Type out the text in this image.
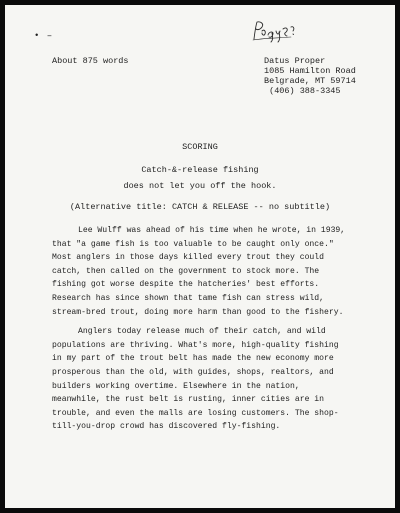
• –
About 875 words	Datus Proper
1085 Hamilton Road
Belgrade, MT 59714
(406) 388-3345
SCORING
Catch-&-release fishing
does not let you off the hook.
(Alternative title: CATCH & RELEASE -- no subtitle)

Lee Wulff was ahead of his time when he wrote, in 1939, that "a game fish is too valuable to be caught only once." Most anglers in those days killed every trout they could catch, then called on the government to stock more. The fishing got worse despite the hatcheries' best efforts. Research has since shown that tame fish can stress wild, stream-bred trout, doing more harm than good to the fishery.

Anglers today release much of their catch, and wild populations are thriving. What's more, high-quality fishing in my part of the trout belt has made the new economy more prosperous than the old, with guides, shops, realtors, and builders working overtime. Elsewhere in the nation, meanwhile, the rust belt is rusting, inner cities are in trouble, and even the malls are losing customers. The shop-till-you-drop crowd has discovered fly-fishing.
